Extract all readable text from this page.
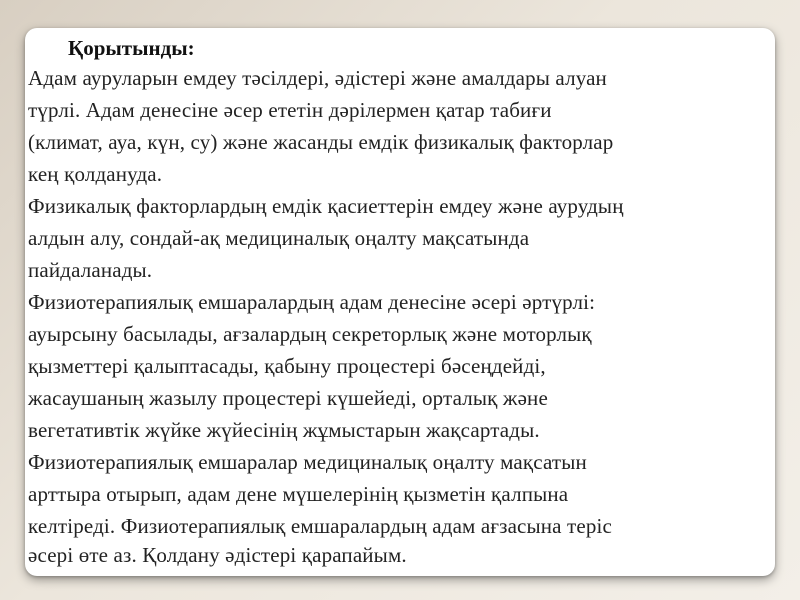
Қорытынды:
Адам ауруларын емдеу тәсілдері, әдістері және амалдары алуан
түрлі. Адам денесіне әсер ететін дәрілермен қатар табиғи
(климат, ауа, күн, су) және жасанды емдік физикалық факторлар
кең қолдануда.
Физикалық факторлардың емдік қасиеттерін емдеу және аурудың
алдын алу, сондай-ақ медициналық оңалту мақсатында
пайдаланады.
Физиотерапиялық емшаралардың адам денесіне әсері әртүрлі:
ауырсыну басылады, ағзалардың секреторлық және моторлық
қызметтері қалыптасады, қабыну процестері бәсеңдейді,
жасаушаның жазылу процестері күшейеді, орталық және
вегетативтік жүйке жүйесінің жұмыстарын жақсартады.
Физиотерапиялық емшаралар медициналық оңалту мақсатын
арттыра отырып, адам дене мүшелерінің қызметін қалпына
келтіреді. Физиотерапиялық емшаралардың адам ағзасына теріс
әсері өте аз. Қолдану әдістері қарапайым.
